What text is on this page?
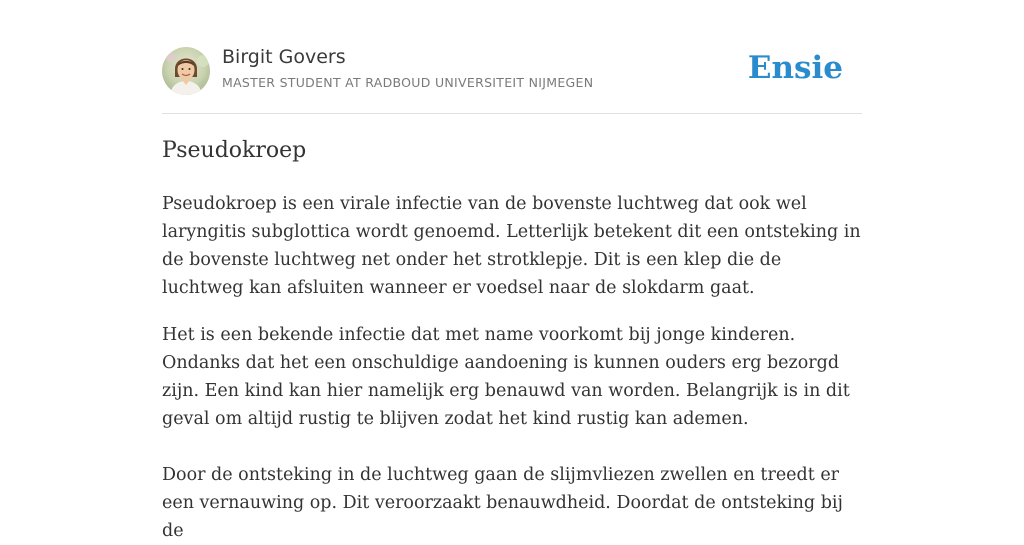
Birgit Govers
MASTER STUDENT AT RADBOUD UNIVERSITEIT NIJMEGEN	Ensie
Pseudokroep

Pseudokroep is een virale infectie van de bovenste luchtweg dat ook wel laryngitis subglottica wordt genoemd. Letterlijk betekent dit een ontsteking in de bovenste luchtweg net onder het strotklepje. Dit is een klep die de luchtweg kan afsluiten wanneer er voedsel naar de slokdarm gaat.

Het is een bekende infectie dat met name voorkomt bij jonge kinderen. Ondanks dat het een onschuldige aandoening is kunnen ouders erg bezorgd zijn. Een kind kan hier namelijk erg benauwd van worden. Belangrijk is in dit geval om altijd rustig te blijven zodat het kind rustig kan ademen.

Door de ontsteking in de luchtweg gaan de slijmvliezen zwellen en treedt er een vernauwing op. Dit veroorzaakt benauwdheid. Doordat de ontsteking bij de
